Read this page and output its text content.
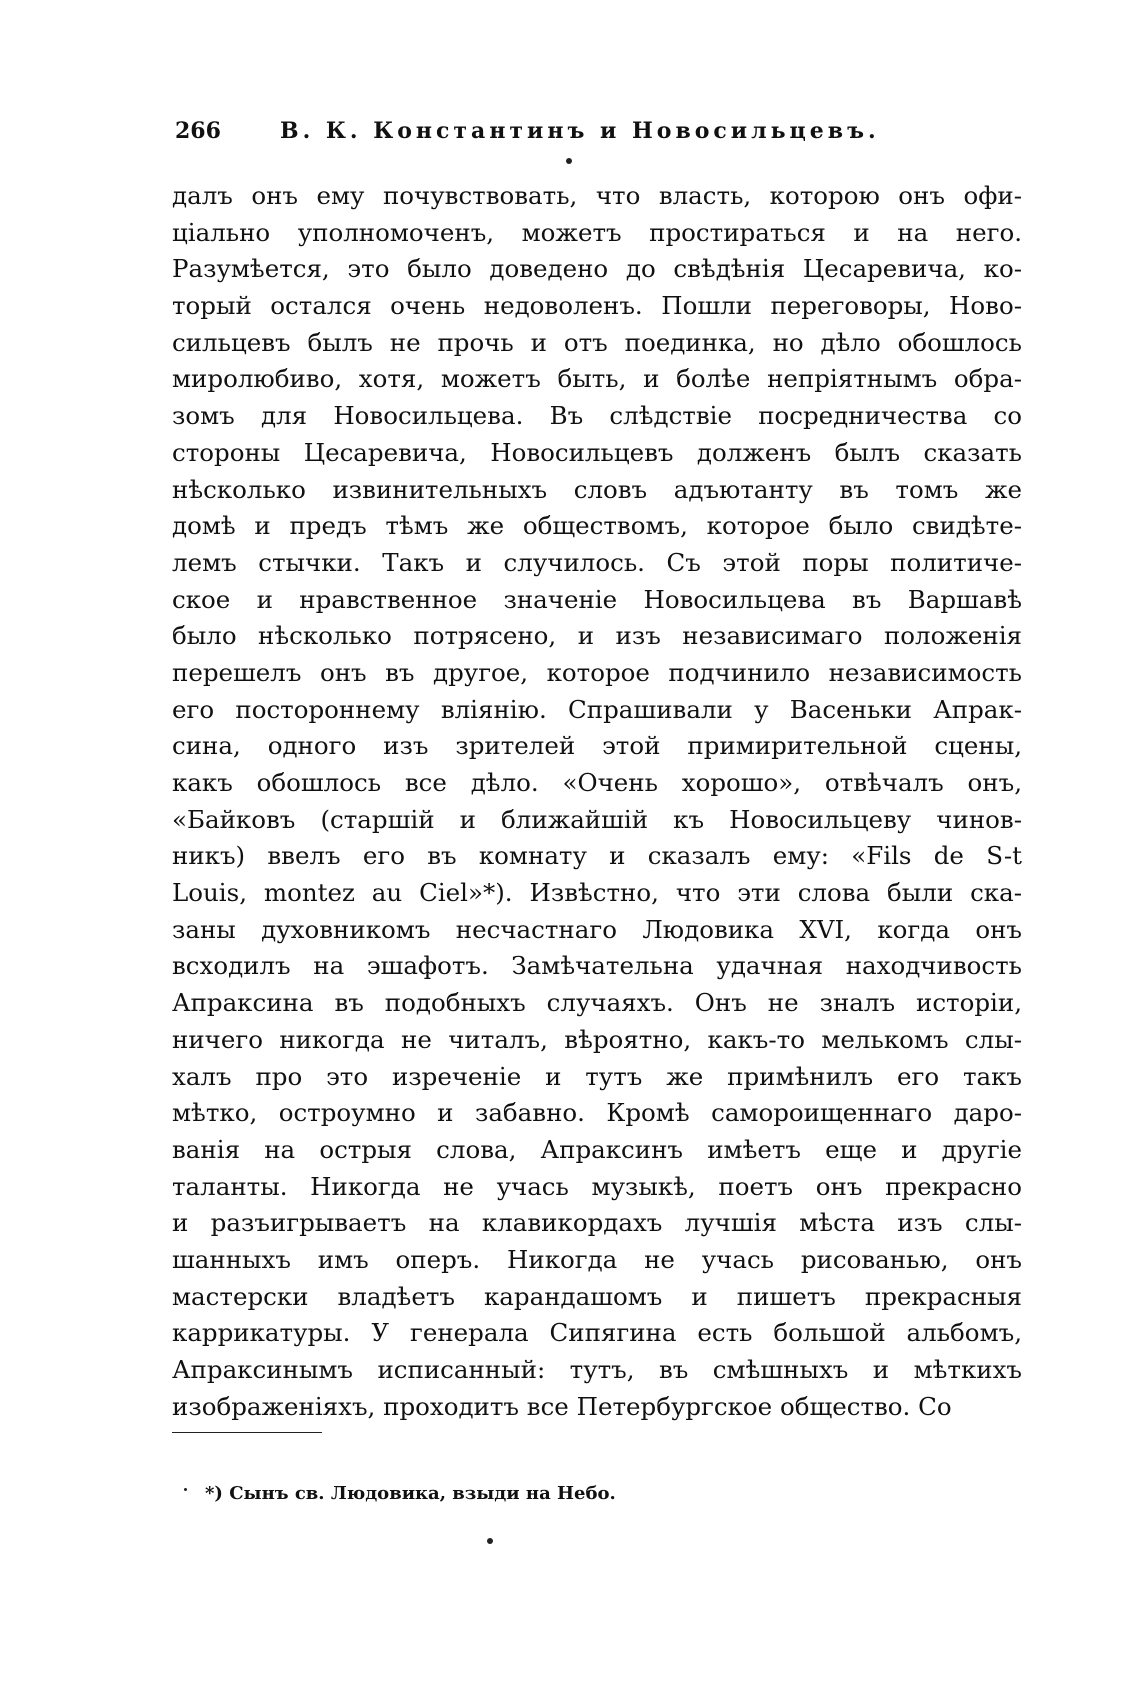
266	В. К. Константинъ и Новосильцевъ.
далъ онъ ему почувствовать, что власть, которою онъ офи-
ціально уполномоченъ, можетъ простираться и на него.
Разумѣется, это было доведено до свѣдѣнія Цесаревича, ко-
торый остался очень недоволенъ. Пошли переговоры, Ново-
сильцевъ былъ не прочь и отъ поединка, но дѣло обошлось
миролюбиво, хотя, можетъ быть, и болѣе непріятнымъ обра-
зомъ для Новосильцева. Въ слѣдствіе посредничества со
стороны Цесаревича, Новосильцевъ долженъ былъ сказать
нѣсколько извинительныхъ словъ адъютанту въ томъ же
домѣ и предъ тѣмъ же обществомъ, которое было свидѣте-
лемъ стычки. Такъ и случилось. Съ этой поры политиче-
ское и нравственное значеніе Новосильцева въ Варшавѣ
было нѣсколько потрясено, и изъ независимаго положенія
перешелъ онъ въ другое, которое подчинило независимость
его постороннему вліянію. Спрашивали у Васеньки Апрак-
сина, одного изъ зрителей этой примирительной сцены,
какъ обошлось все дѣло. «Очень хорошо», отвѣчалъ онъ,
«Байковъ (старшій и ближайшій къ Новосильцеву чинов-
никъ) ввелъ его въ комнату и сказалъ ему: «Fils de S-t
Louis, montez au Ciel»*). Извѣстно, что эти слова были ска-
заны духовникомъ несчастнаго Людовика XVI, когда онъ
всходилъ на эшафотъ. Замѣчательна удачная находчивость
Апраксина въ подобныхъ случаяхъ. Онъ не зналъ исторіи,
ничего никогда не читалъ, вѣроятно, какъ-то мелькомъ слы-
халъ про это изреченіе и тутъ же примѣнилъ его такъ
мѣтко, остроумно и забавно. Кромѣ самороищеннаго даро-
ванія на острыя слова, Апраксинъ имѣетъ еще и другіе
таланты. Никогда не учась музыкѣ, поетъ онъ прекрасно
и разъигрываетъ на клавикордахъ лучшія мѣста изъ слы-
шанныхъ имъ оперъ. Никогда не учась рисованью, онъ
мастерски владѣетъ карандашомъ и пишетъ прекрасныя
каррикатуры. У генерала Сипягина есть большой альбомъ,
Апраксинымъ исписанный: тутъ, въ смѣшныхъ и мѣткихъ
изображеніяхъ, проходитъ все Петербургское общество. Со
*) Сынъ св. Людовика, взыди на Небо.
